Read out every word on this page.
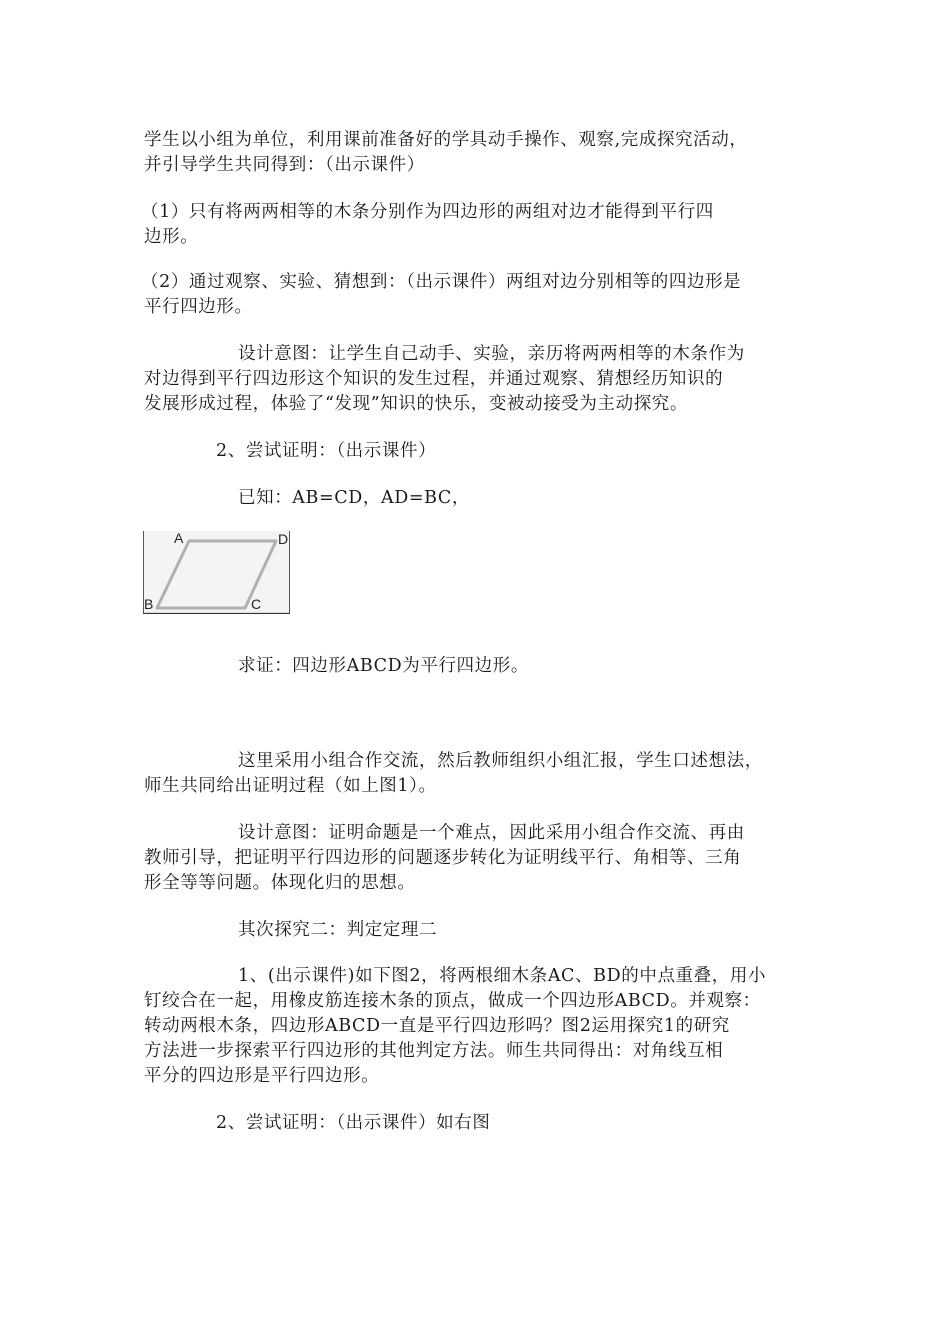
学生以小组为单位，利用课前准备好的学具动手操作、观察,完成探究活动，
并引导学生共同得到：（出示课件）

（1）只有将两两相等的木条分别作为四边形的两组对边才能得到平行四
边形。

（2）通过观察、实验、猜想到：（出示课件）两组对边分别相等的四边形是
平行四边形。

设计意图：让学生自己动手、实验，亲历将两两相等的木条作为
对边得到平行四边形这个知识的发生过程，并通过观察、猜想经历知识的
发展形成过程，体验了“发现”知识的快乐，变被动接受为主动探究。

2、尝试证明：（出示课件）

已知：AB=CD，AD=BC，

A	D
B	C

求证：四边形ABCD为平行四边形。

这里采用小组合作交流，然后教师组织小组汇报，学生口述想法，
师生共同给出证明过程（如上图1）。

设计意图：证明命题是一个难点，因此采用小组合作交流、再由
教师引导，把证明平行四边形的问题逐步转化为证明线平行、角相等、三角
形全等等问题。体现化归的思想。

其次探究二：判定定理二

1、(出示课件)如下图2，将两根细木条AC、BD的中点重叠，用小
钉绞合在一起，用橡皮筋连接木条的顶点，做成一个四边形ABCD。并观察：
转动两根木条，四边形ABCD一直是平行四边形吗？图2运用探究1的研究
方法进一步探索平行四边形的其他判定方法。师生共同得出：对角线互相
平分的四边形是平行四边形。

2、尝试证明：（出示课件）如右图
